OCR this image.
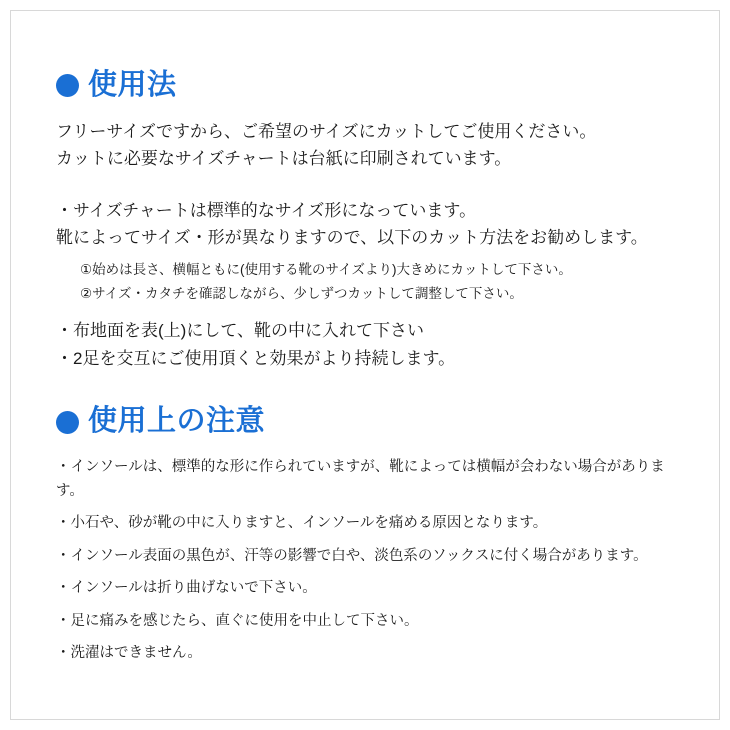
使用法

フリーサイズですから、ご希望のサイズにカットしてご使用ください。

カットに必要なサイズチャートは台紙に印刷されています。

・サイズチャートは標準的なサイズ形になっています。

靴によってサイズ・形が異なりますので、以下のカット方法をお勧めします。

①始めは長さ、横幅ともに(使用する靴のサイズより)大きめにカットして下さい。

②サイズ・カタチを確認しながら、少しずつカットして調整して下さい。

・布地面を表(上)にして、靴の中に入れて下さい

・2足を交互にご使用頂くと効果がより持続します。

使用上の注意

・インソールは、標準的な形に作られていますが、靴によっては横幅が会わない場合があります。

・小石や、砂が靴の中に入りますと、インソールを痛める原因となります。

・インソール表面の黒色が、汗等の影響で白や、淡色系のソックスに付く場合があります。

・インソールは折り曲げないで下さい。

・足に痛みを感じたら、直ぐに使用を中止して下さい。

・洗濯はできません。
